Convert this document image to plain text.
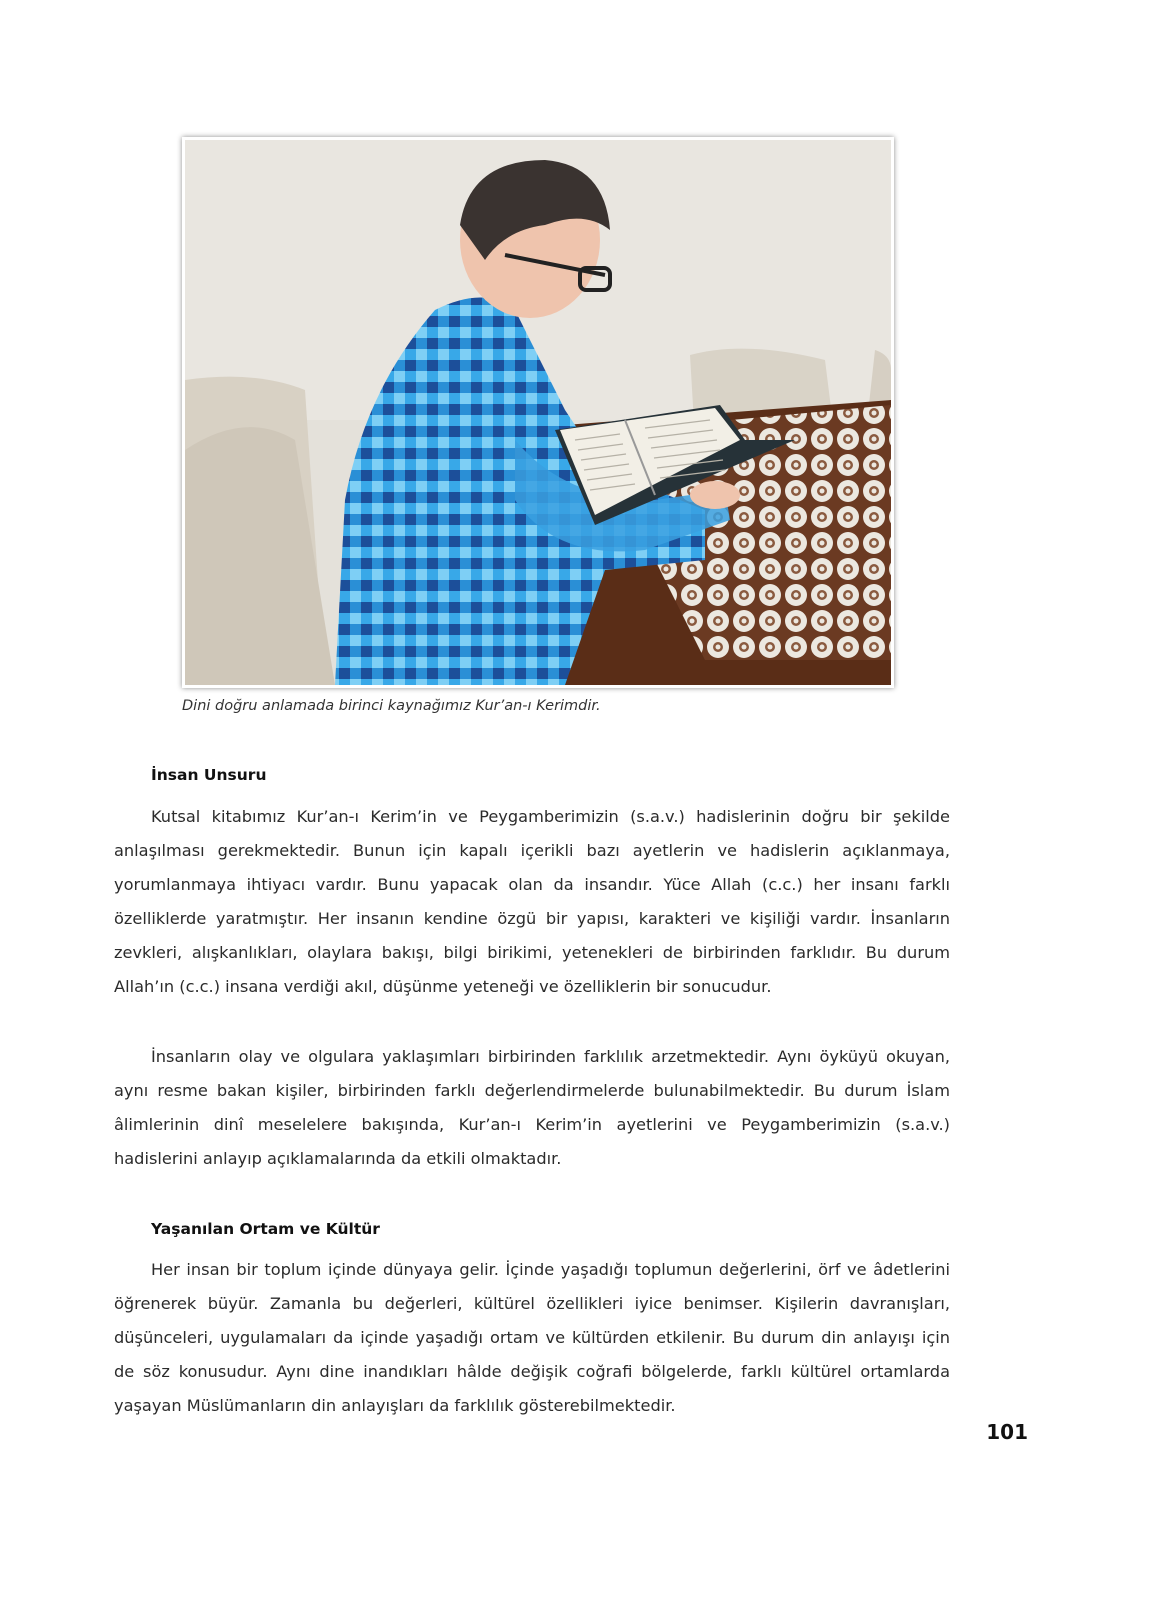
Dini doğru anlamada birinci kaynağımız Kur’an-ı Kerimdir.

İnsan Unsuru

Kutsal kitabımız Kur’an-ı Kerim’in ve Peygamberimizin (s.a.v.) hadislerinin doğru bir şekilde anlaşılması gerekmektedir. Bunun için kapalı içerikli bazı ayetlerin ve hadislerin açıklanmaya, yorumlanmaya ihtiyacı vardır. Bunu yapacak olan da insandır. Yüce Allah (c.c.) her insanı farklı özelliklerde yaratmıştır. Her insanın kendine özgü bir yapısı, karakteri ve kişiliği vardır. İnsanların zevkleri, alışkanlıkları, olaylara bakışı, bilgi birikimi, yetenekleri de birbirinden farklıdır. Bu durum Allah’ın (c.c.) insana verdiği akıl, düşünme yeteneği ve özelliklerin bir sonucudur.

İnsanların olay ve olgulara yaklaşımları birbirinden farklılık arzetmektedir. Aynı öyküyü okuyan, aynı resme bakan kişiler, birbirinden farklı değerlendirmelerde bulunabilmektedir. Bu durum İslam âlimlerinin dinî meselelere bakışında, Kur’an-ı Kerim’in ayetlerini ve Peygamberimizin (s.a.v.) hadislerini anlayıp açıklamalarında da etkili olmaktadır.

Yaşanılan Ortam ve Kültür

Her insan bir toplum içinde dünyaya gelir. İçinde yaşadığı toplumun değerlerini, örf ve âdetlerini öğrenerek büyür. Zamanla bu değerleri, kültürel özellikleri iyice benimser. Kişilerin davranışları, düşünceleri, uygulamaları da içinde yaşadığı ortam ve kültürden etkilenir. Bu durum din anlayışı için de söz konusudur. Aynı dine inandıkları hâlde değişik coğrafi bölgelerde, farklı kültürel ortamlarda yaşayan Müslümanların din anlayışları da farklılık gösterebilmektedir.

101
